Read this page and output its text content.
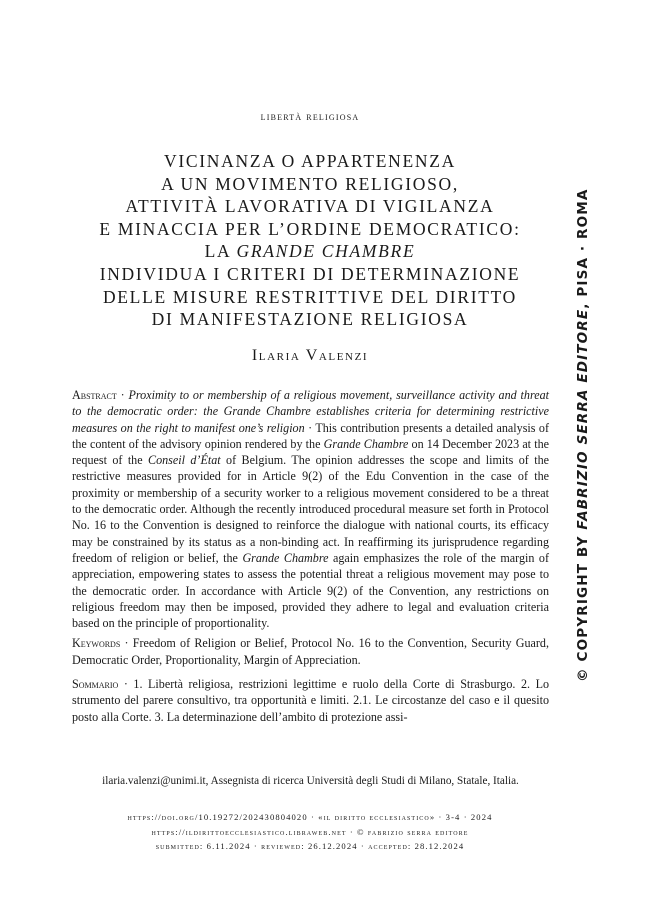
libertà religiosa
VICINANZA O APPARTENENZA
A UN MOVIMENTO RELIGIOSO,
ATTIVITÀ LAVORATIVA DI VIGILANZA
E MINACCIA PER L’ORDINE DEMOCRATICO:
LA GRANDE CHAMBRE
INDIVIDUA I CRITERI DI DETERMINAZIONE
DELLE MISURE RESTRITTIVE DEL DIRITTO
DI MANIFESTAZIONE RELIGIOSA
Ilaria Valenzi

Abstract · Proximity to or membership of a religious movement, surveillance activity and threat to the democratic order: the Grande Chambre establishes criteria for determining restrictive measures on the right to manifest one’s religion · This contribution presents a detailed analysis of the content of the advisory opinion rendered by the Grande Chambre on 14 December 2023 at the request of the Conseil d’État of Belgium. The opinion addresses the scope and limits of the restrictive measures provided for in Article 9(2) of the Edu Convention in the case of the proximity or membership of a security worker to a religious movement considered to be a threat to the democratic order. Although the recently introduced procedural measure set forth in Protocol No. 16 to the Convention is designed to reinforce the dialogue with national courts, its efficacy may be constrained by its status as a non-binding act. In reaffirming its jurisprudence regarding freedom of religion or belief, the Grande Chambre again emphasizes the role of the margin of appreciation, empowering states to assess the potential threat a religious movement may pose to the democratic order. In accordance with Article 9(2) of the Convention, any restrictions on religious freedom may then be imposed, provided they adhere to legal and evaluation criteria based on the principle of proportionality.

Keywords · Freedom of Religion or Belief, Protocol No. 16 to the Convention, Security Guard, Democratic Order, Proportionality, Margin of Appreciation.

Sommario · 1. Libertà religiosa, restrizioni legittime e ruolo della Corte di Strasburgo. 2. Lo strumento del parere consultivo, tra opportunità e limiti. 2.1. Le circostanze del caso e il quesito posto alla Corte. 3. La determinazione dell’ambito di protezione assi-

ilaria.valenzi@unimi.it, Assegnista di ricerca Università degli Studi di Milano, Statale, Italia.
https://doi.org/10.19272/202430804020 · «il diritto ecclesiastico» · 3-4 · 2024
https://ildirittoecclesiastico.libraweb.net · © fabrizio serra editore
submitted: 6.11.2024 · reviewed: 26.12.2024 · accepted: 28.12.2024
© COPYRIGHT BY FABRIZIO SERRA EDITORE, PISA · ROMA
